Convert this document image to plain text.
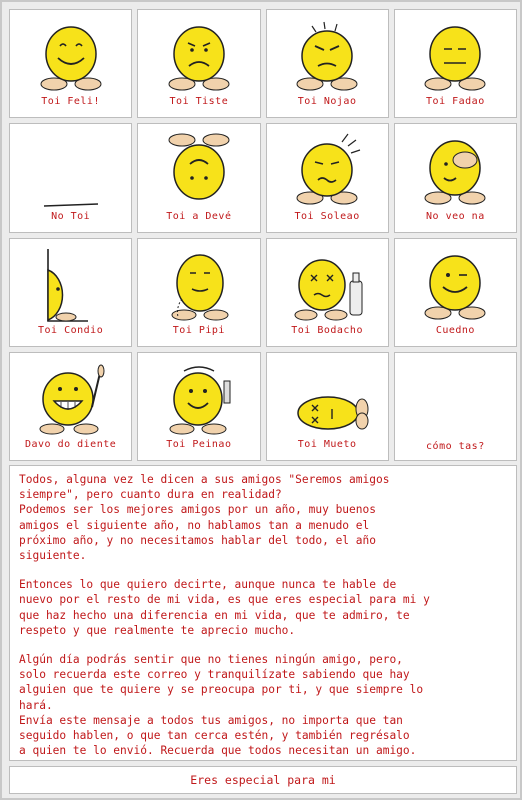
Toi Feli!	Toi Tiste	Toi Nojao	Toi Fadao
No Toi	Toi a Devé	Toi Soleao	No veo na
Toi Condio	Toi Pipi	Toi Bodacho	Cuedno
Davo do diente	Toi Peinao	Toi Mueto	cómo tas?

Todos, alguna vez le dicen a sus amigos "Seremos amigos

siempre", pero cuanto dura en realidad?

Podemos ser los mejores amigos por un año, muy buenos

amigos el siguiente año, no hablamos tan a menudo el

próximo año, y no necesitamos hablar del todo, el año

siguiente.

Entonces lo que quiero decirte, aunque nunca te hable de

nuevo por el resto de mi vida, es que eres especial para mi y

que haz hecho una diferencia en mi vida, que te admiro, te

respeto y que realmente te aprecio mucho.

Algún día podrás sentir que no tienes ningún amigo, pero,

solo recuerda este correo y tranquilízate sabiendo que hay

alguien que te quiere y se preocupa por ti, y que siempre lo

hará.

Envía este mensaje a todos tus amigos, no importa que tan

seguido hablen, o que tan cerca estén, y también regrésalo

a quien te lo envió. Recuerda que todos necesitan un amigo.

Eres especial para mi
